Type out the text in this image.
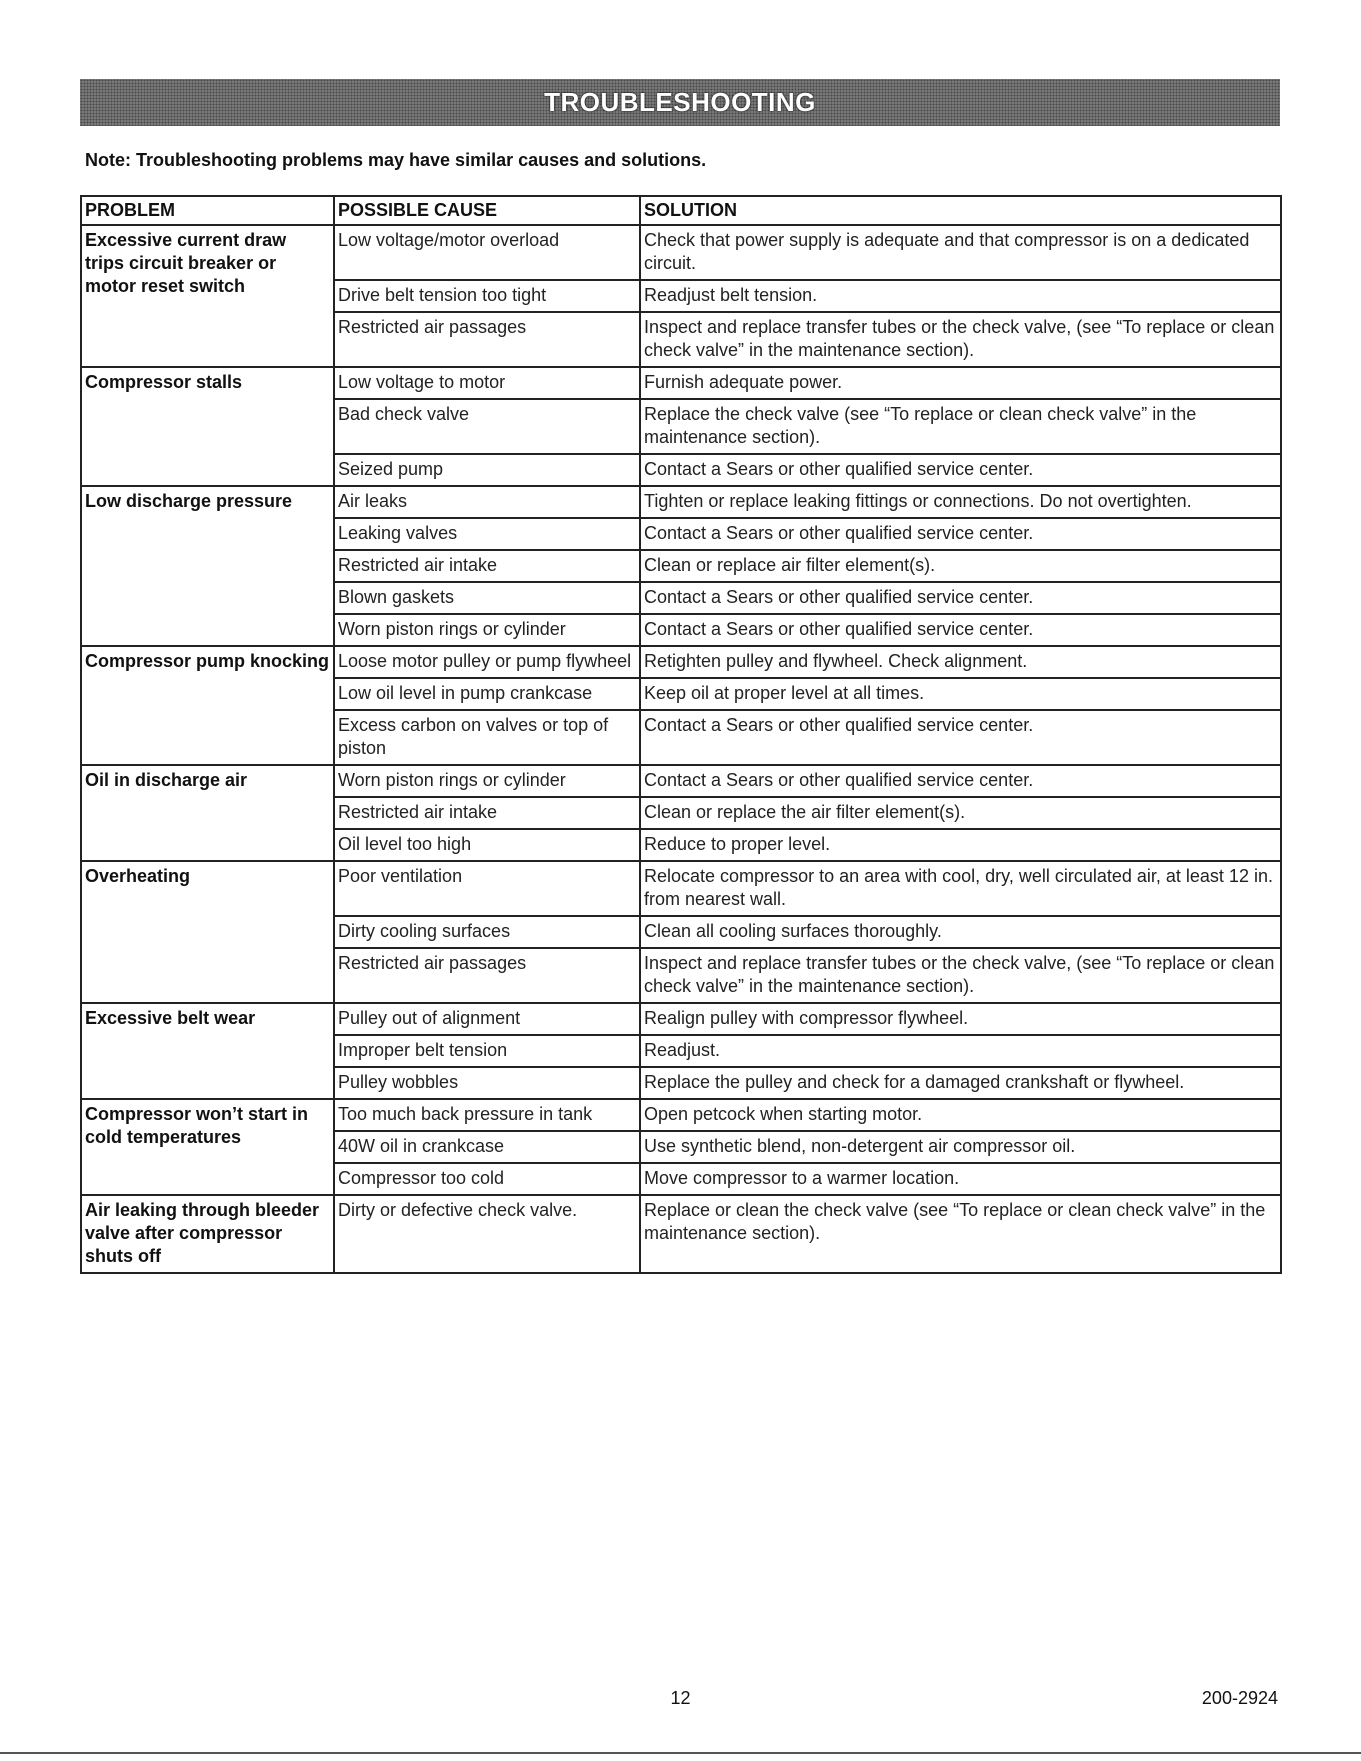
TROUBLESHOOTING
Note: Troubleshooting problems may have similar causes and solutions.
PROBLEM	POSSIBLE CAUSE	SOLUTION
Excessive current draw trips circuit breaker or motor reset switch	Low voltage/motor overload	Check that power supply is adequate and that compressor is on a dedicated circuit.
	Drive belt tension too tight	Readjust belt tension.
	Restricted air passages	Inspect and replace transfer tubes or the check valve, (see “To replace or clean check valve” in the maintenance section).
Compressor stalls	Low voltage to motor	Furnish adequate power.
	Bad check valve	Replace the check valve (see “To replace or clean check valve” in the maintenance section).
	Seized pump	Contact a Sears or other qualified service center.
Low discharge pressure	Air leaks	Tighten or replace leaking fittings or connections. Do not overtighten.
	Leaking valves	Contact a Sears or other qualified service center.
	Restricted air intake	Clean or replace air filter element(s).
	Blown gaskets	Contact a Sears or other qualified service center.
	Worn piston rings or cylinder	Contact a Sears or other qualified service center.
Compressor pump knocking	Loose motor pulley or pump flywheel	Retighten pulley and flywheel. Check alignment.
	Low oil level in pump crankcase	Keep oil at proper level at all times.
	Excess carbon on valves or top of piston	Contact a Sears or other qualified service center.
Oil in discharge air	Worn piston rings or cylinder	Contact a Sears or other qualified service center.
	Restricted air intake	Clean or replace the air filter element(s).
	Oil level too high	Reduce to proper level.
Overheating	Poor ventilation	Relocate compressor to an area with cool, dry, well circulated air, at least 12 in. from nearest wall.
	Dirty cooling surfaces	Clean all cooling surfaces thoroughly.
	Restricted air passages	Inspect and replace transfer tubes or the check valve, (see “To replace or clean check valve” in the maintenance section).
Excessive belt wear	Pulley out of alignment	Realign pulley with compressor flywheel.
	Improper belt tension	Readjust.
	Pulley wobbles	Replace the pulley and check for a damaged crankshaft or flywheel.
Compressor won’t start in cold temperatures	Too much back pressure in tank	Open petcock when starting motor.
	40W oil in crankcase	Use synthetic blend, non-detergent air compressor oil.
	Compressor too cold	Move compressor to a warmer location.
Air leaking through bleeder valve after compressor shuts off	Dirty or defective check valve.	Replace or clean the check valve (see “To replace or clean check valve” in the maintenance section).
12	200-2924
